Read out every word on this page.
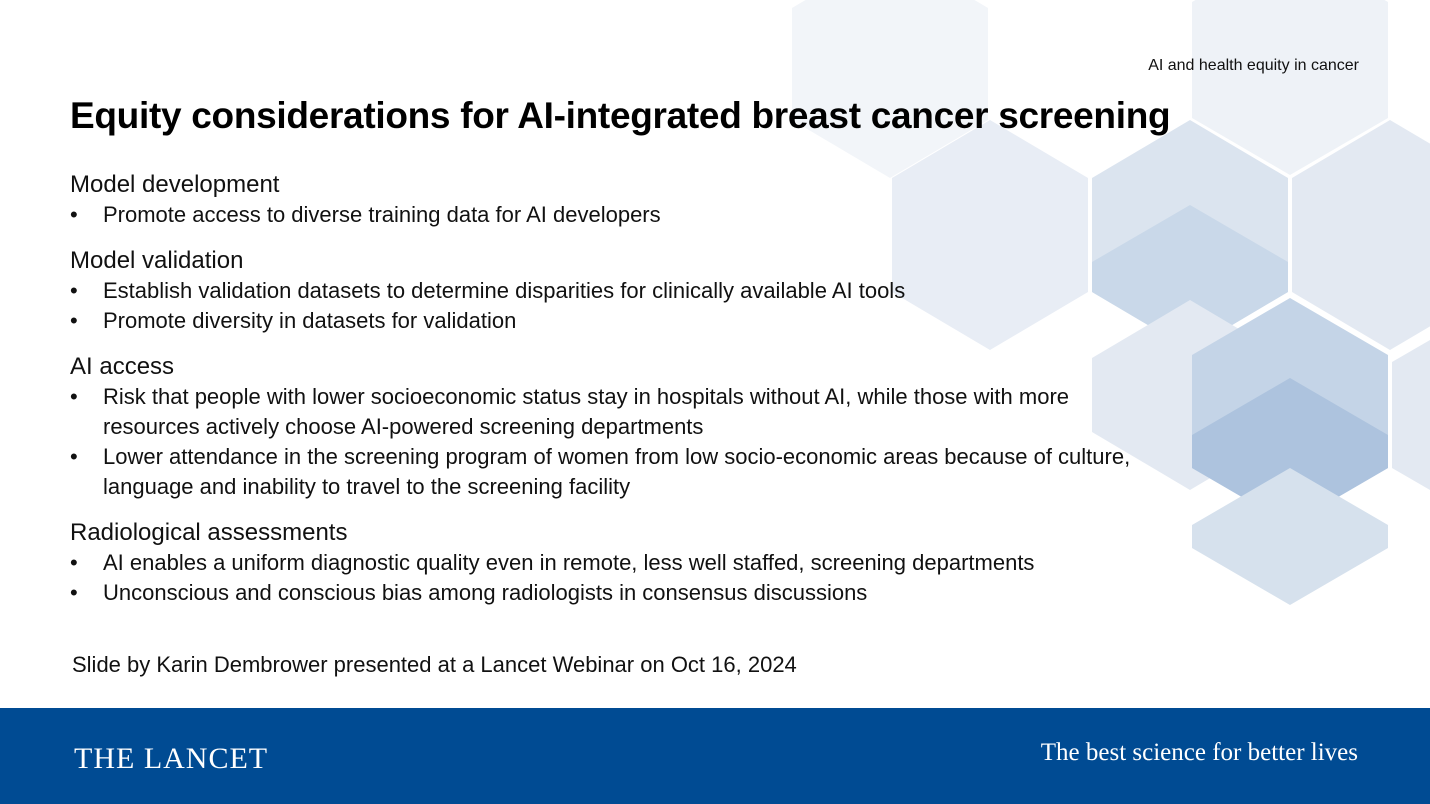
AI and health equity in cancer
Equity considerations for AI-integrated breast cancer screening
Model development
• Promote access to diverse training data for AI developers
Model validation
• Establish validation datasets to determine disparities for clinically available AI tools
• Promote diversity in datasets for validation
AI access
• Risk that people with lower socioeconomic status stay in hospitals without AI, while those with more resources actively choose AI-powered screening departments
• Lower attendance in the screening program of women from low socio-economic areas because of culture, language and inability to travel to the screening facility
Radiological assessments
• AI enables a uniform diagnostic quality even in remote, less well staffed, screening departments
• Unconscious and conscious bias among radiologists in consensus discussions
Slide by Karin Dembrower presented at a Lancet Webinar on Oct 16, 2024
THE LANCET	The best science for better lives
